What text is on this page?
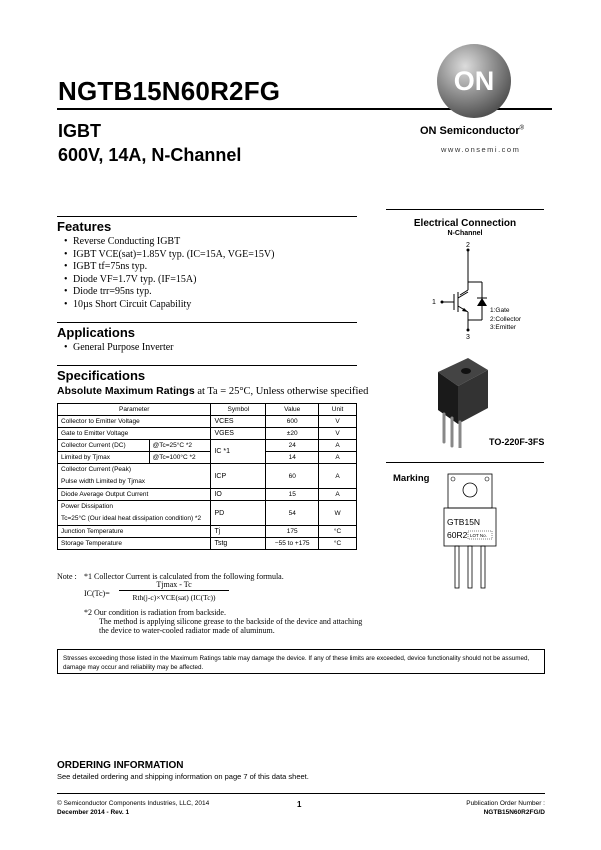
NGTB15N60R2FG
IGBT
600V, 14A, N-Channel
ON
ON Semiconductor®
www.onsemi.com
Features
• Reverse Conducting IGBT
• IGBT VCE(sat)=1.85V typ. (IC=15A, VGE=15V)
• IGBT tf=75ns typ.
• Diode VF=1.7V typ. (IF=15A)
• Diode trr=95ns typ.
• 10µs Short Circuit Capability
Applications
• General Purpose Inverter
Specifications
Absolute Maximum Ratings at Ta = 25°C, Unless otherwise specified
Parameter		Symbol	Value	Unit
Collector to Emitter Voltage		VCES	600	V
Gate to Emitter Voltage		VGES	±20	V
Collector Current (DC)	@Tc=25°C *2	IC *1	24	A
Limited by Tjmax	@Tc=100°C *2		14	A
Collector Current (Peak)
Pulse width Limited by Tjmax		ICP	60	A
Diode Average Output Current		IO	15	A
Power Dissipation
Tc=25°C (Our ideal heat dissipation condition) *2		PD	54	W
Junction Temperature		Tj	175	°C
Storage Temperature		Tstg	−55 to +175	°C
Note : *1 Collector Current is calculated from the following formula.
IC(Tc)=
Tjmax - Tc
Rth(j-c)×VCE(sat) (IC(Tc))
*2 Our condition is radiation from backside.
The method is applying silicone grease to the backside of the device and attaching
the device to water-cooled radiator made of aluminum.
Stresses exceeding those listed in the Maximum Ratings table may damage the device. If any of these limits are exceeded, device functionality should not be assumed,
damage may occur and reliability may be affected.
ORDERING INFORMATION
See detailed ordering and shipping information on page 7 of this data sheet.
© Semiconductor Components Industries, LLC, 2014
December 2014 - Rev. 1
1	Publication Order Number :
NGTB15N60R2FG/D
Electrical Connection
N-Channel
2
3
1
1:Gate
2:Collector
3:Emitter
TO-220F-3FS
Marking
GTB15N
60R2 LOT No.
